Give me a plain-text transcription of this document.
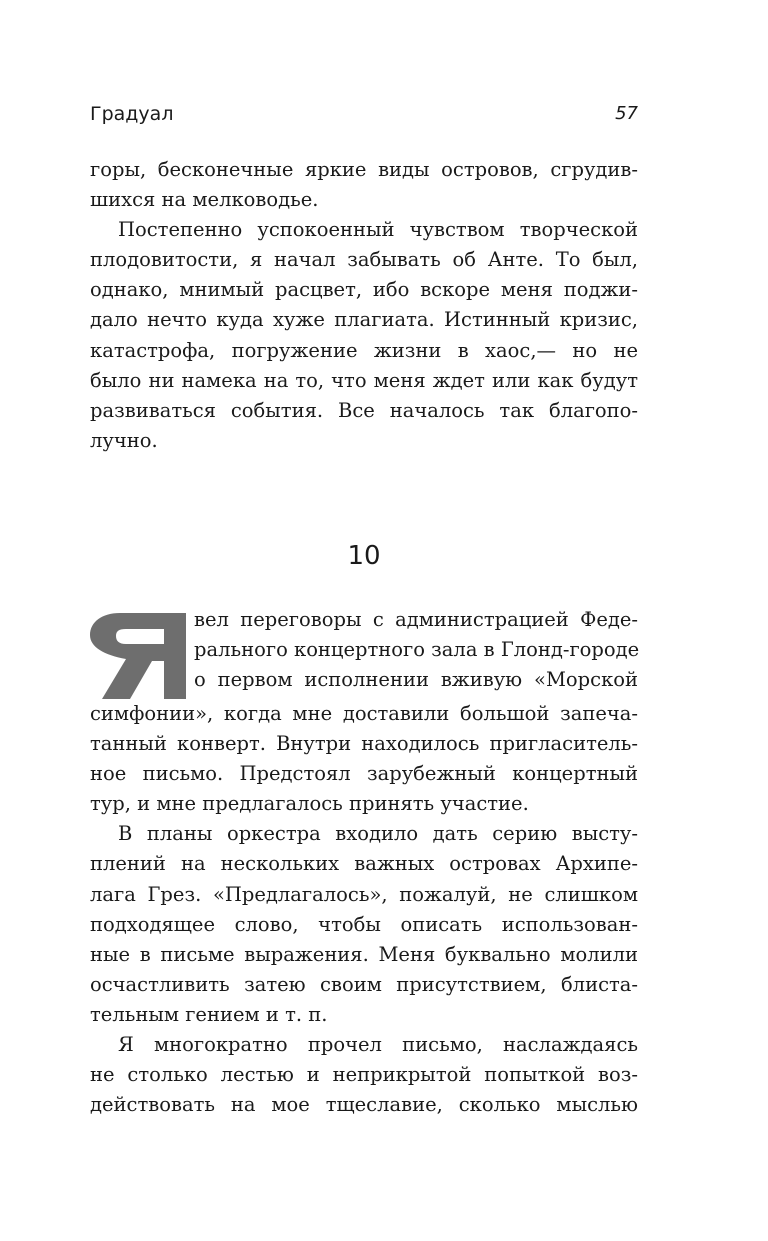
Градуал	57
горы, бесконечные яркие виды островов, сгрудив-
шихся на мелководье.
Постепенно успокоенный чувством творческой
плодовитости, я начал забывать об Анте. То был,
однако, мнимый расцвет, ибо вскоре меня поджи-
дало нечто куда хуже плагиата. Истинный кризис,
катастрофа, погружение жизни в хаос,— но не
было ни намека на то, что меня ждет или как будут
развиваться события. Все началось так благопо-
лучно.
10
вел переговоры с администрацией Феде-
рального концертного зала в Глонд-городе
о первом исполнении вживую «Морской
симфонии», когда мне доставили большой запеча-
танный конверт. Внутри находилось пригласитель-
ное письмо. Предстоял зарубежный концертный
тур, и мне предлагалось принять участие.
В планы оркестра входило дать серию высту-
плений на нескольких важных островах Архипе-
лага Грез. «Предлагалось», пожалуй, не слишком
подходящее слово, чтобы описать использован-
ные в письме выражения. Меня буквально молили
осчастливить затею своим присутствием, блиста-
тельным гением и т. п.
Я многократно прочел письмо, наслаждаясь
не столько лестью и неприкрытой попыткой воз-
действовать на мое тщеславие, сколько мыслью
